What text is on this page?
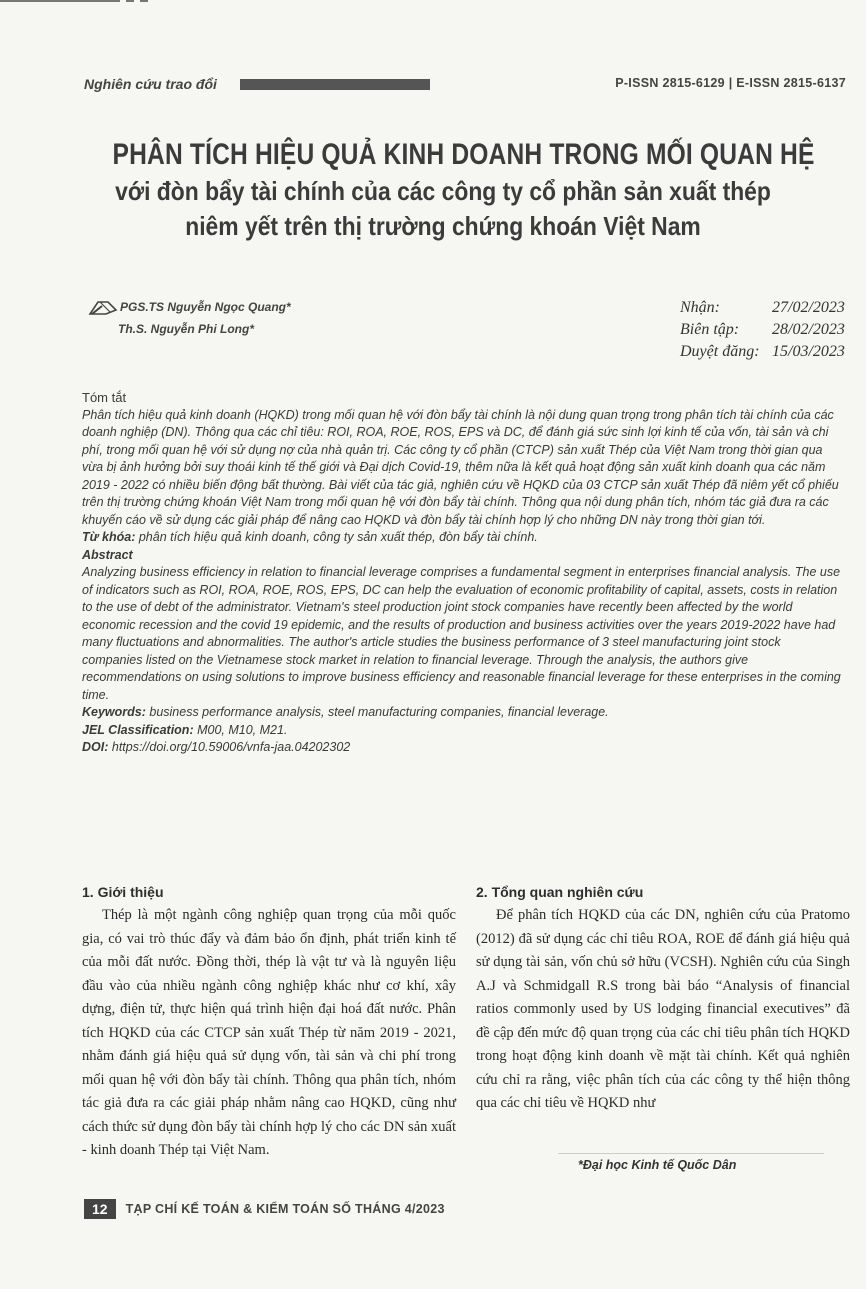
Nghiên cứu trao đổi	P-ISSN 2815-6129 | E-ISSN 2815-6137
PHÂN TÍCH HIỆU QUẢ KINH DOANH TRONG MỐI QUAN HỆ
với đòn bẩy tài chính của các công ty cổ phần sản xuất thép
niêm yết trên thị trường chứng khoán Việt Nam
PGS.TS Nguyễn Ngọc Quang*
Th.S. Nguyễn Phi Long*
Nhận:	27/02/2023
Biên tập:	28/02/2023
Duyệt đăng: 15/03/2023

Tóm tắt

Phân tích hiệu quả kinh doanh (HQKD) trong mối quan hệ với đòn bẩy tài chính là nội dung quan trọng trong phân tích tài chính của các doanh nghiệp (DN). Thông qua các chỉ tiêu: ROI, ROA, ROE, ROS, EPS và DC, để đánh giá sức sinh lợi kinh tế của vốn, tài sản và chi phí, trong mối quan hệ với sử dụng nợ của nhà quản trị. Các công ty cổ phần (CTCP) sản xuất Thép của Việt Nam trong thời gian qua vừa bị ảnh hưởng bởi suy thoái kinh tế thế giới và Đại dịch Covid-19, thêm nữa là kết quả hoạt động sản xuất kinh doanh qua các năm 2019 - 2022 có nhiều biến động bất thường. Bài viết của tác giả, nghiên cứu về HQKD của 03 CTCP sản xuất Thép đã niêm yết cổ phiếu trên thị trường chứng khoán Việt Nam trong mối quan hệ với đòn bẩy tài chính. Thông qua nội dung phân tích, nhóm tác giả đưa ra các khuyến cáo về sử dụng các giải pháp để nâng cao HQKD và đòn bẩy tài chính hợp lý cho những DN này trong thời gian tới.

Từ khóa: phân tích hiệu quả kinh doanh, công ty sản xuất thép, đòn bẩy tài chính.

Abstract

Analyzing business efficiency in relation to financial leverage comprises a fundamental segment in enterprises financial analysis. The use of indicators such as ROI, ROA, ROE, ROS, EPS, DC can help the evaluation of economic profitability of capital, assets, costs in relation to the use of debt of the administrator. Vietnam's steel production joint stock companies have recently been affected by the world economic recession and the covid 19 epidemic, and the results of production and business activities over the years 2019-2022 have had many fluctuations and abnormalities. The author's article studies the business performance of 3 steel manufacturing joint stock companies listed on the Vietnamese stock market in relation to financial leverage. Through the analysis, the authors give recommendations on using solutions to improve business efficiency and reasonable financial leverage for these enterprises in the coming time.

Keywords: business performance analysis, steel manufacturing companies, financial leverage.

JEL Classification: M00, M10, M21.

DOI: https://doi.org/10.59006/vnfa-jaa.04202302

1. Giới thiệu

Thép là một ngành công nghiệp quan trọng của mỗi quốc gia, có vai trò thúc đẩy và đảm bảo ổn định, phát triển kinh tế của mỗi đất nước. Đồng thời, thép là vật tư và là nguyên liệu đầu vào của nhiều ngành công nghiệp khác như cơ khí, xây dựng, điện tử, thực hiện quá trình hiện đại hoá đất nước. Phân tích HQKD của các CTCP sản xuất Thép từ năm 2019 - 2021, nhằm đánh giá hiệu quả sử dụng vốn, tài sản và chi phí trong mối quan hệ với đòn bẩy tài chính. Thông qua phân tích, nhóm tác giả đưa ra các giải pháp nhằm nâng cao HQKD, cũng như cách thức sử dụng đòn bẩy tài chính hợp lý cho các DN sản xuất - kinh doanh Thép tại Việt Nam.

2. Tổng quan nghiên cứu

Để phân tích HQKD của các DN, nghiên cứu của Pratomo (2012) đã sử dụng các chỉ tiêu ROA, ROE để đánh giá hiệu quả sử dụng tài sản, vốn chủ sở hữu (VCSH). Nghiên cứu của Singh A.J và Schmidgall R.S trong bài báo “Analysis of financial ratios commonly used by US lodging financial executives” đã đề cập đến mức độ quan trọng của các chỉ tiêu phân tích HQKD trong hoạt động kinh doanh về mặt tài chính. Kết quả nghiên cứu chỉ ra rằng, việc phân tích của các công ty thể hiện thông qua các chỉ tiêu về HQKD như

*Đại học Kinh tế Quốc Dân
12	TẠP CHÍ KẾ TOÁN & KIỂM TOÁN SỐ THÁNG 4/2023
